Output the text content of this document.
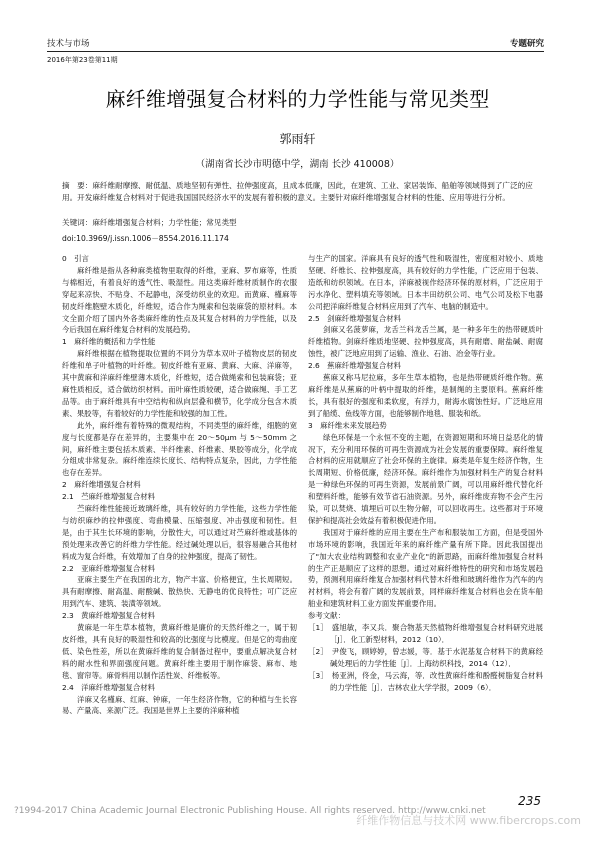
技术与市场	专题研究
2016年第23卷第11期
麻纤维增强复合材料的力学性能与常见类型
郭雨轩
（湖南省长沙市明德中学，湖南 长沙 410008）
摘　要：麻纤维耐摩擦、耐低温、质地坚韧有弹性、拉伸强度高，且成本低廉，因此，在建筑、工业、家居装饰、船舶等领域得到了广泛的应用。开发麻纤维复合材料对于促进我国国民经济水平的发展有着积极的意义。主要针对麻纤维增强复合材料的性能、应用等进行分析。
关键词：麻纤维增强复合材料；力学性能；常见类型
doi:10.3969/j.issn.1006－8554.2016.11.174
0　引言
麻纤维是指从各种麻类植物里取得的纤维，亚麻、罗布麻等，性质与棉相近，有着良好的透气性、吸湿性。用这类麻纤维材质制作的衣服穿起来凉快、不贴身、不起静电，深受纺织业的欢迎。而黄麻、槿麻等韧皮纤维胞壁木质化，纤维短，适合作为绳索和包装麻袋的原材料。本文全面介绍了国内外各类麻纤维的性点及其复合材料的力学性能，以及今后我国在麻纤维复合材料的发展趋势。
1　麻纤维的概括和力学性能
麻纤维根据在植物提取位置的不同分为草本双叶子植物皮层的韧皮纤维和单子叶植物的叶纤维。韧皮纤维有亚麻、黄麻、大麻、洋麻等，其中黄麻和洋麻纤维壁薄木质化，纤维短，适合做绳索和包装麻袋；亚麻性质相反，适合做纺织材料。而叶麻性质较硬，适合做麻绳、手工艺品等。由于麻纤维具有中空结构和纵向层叠和横节，化学成分包含木质素、果胶等，有着较好的力学性能和较强的加工性。
此外，麻纤维有着特殊的微观结构，不同类型的麻纤维，细胞的宽度与长度都是存在差异的，主要集中在 20～50μm 与 5～50mm 之间，麻纤维主要包括木质素、半纤维素、纤维素、果胶等成分，化学成分组成非常复杂。麻纤维连续长度长、结构特点复杂，因此，力学性能也存在差异。
2　麻纤维增强复合材料
2.1　苎麻纤维增强复合材料
苎麻纤维性能接近玻璃纤维，具有较好的力学性能，这些力学性能与纺织麻纱的拉伸强度、弯曲模量、压缩强度、冲击强度和韧性。但是，由于其生长环境的影响，分散性大，可以通过对苎麻纤维或基体的预处理来改善它的纤维力学性能。经过碱处理以后，很容易融合其他材料成为复合纤维，有效增加了自身的拉伸强度，提高了韧性。
2.2　亚麻纤维增强复合材料
亚麻主要生产在我国的北方，物产丰富、价格便宜，生长周期短。具有耐摩擦、耐高温、耐酸碱、散热快、无静电的优良特性；可广泛应用到汽车、建筑、装潢等领域。
2.3　黄麻纤维增强复合材料
黄麻是一年生草本植物，黄麻纤维是廉价的天然纤维之一，属于韧皮纤维，具有良好的吸湿性和较高的比强度与比模度。但是它的弯曲度低、染色性差，所以在黄麻纤维的复合制备过程中，要重点解决复合材料的耐水性和界面强度问题。黄麻纤维主要用于制作麻袋、麻布、地毯、窗帘等。麻骨料用以制作活性炭、纤维板等。
2.4　洋麻纤维增强复合材料
洋麻又名槿麻、红麻、钟麻，一年生经济作物，它的种植与生长容易、产量高、来源广泛。我国是世界上主要的洋麻种植
与生产的国家。洋麻具有良好的透气性和吸湿性，密度相对较小、质地坚硬、纤维长、拉伸强度高，具有较好的力学性能，广泛应用于包装、造纸和纺织领域。在日本，洋麻被视作经济环保的原材料，广泛应用于污水净化、塑料填充等领域。日本丰田纺织公司、电气公司及松下电器公司把洋麻纤维复合材料应用到了汽车、电脑的制造中。
2.5　剑麻纤维增强复合材料
剑麻又名菠萝麻，龙舌兰科龙舌兰属，是一种多年生的热带硬质叶纤维植物。剑麻纤维质地坚硬、拉伸强度高，具有耐磨、耐盐碱、耐腐蚀性，被广泛地应用到了运输、渔业、石油、冶金等行业。
2.6　蕉麻纤维增强复合材料
蕉麻又称马尼拉麻，多年生草本植物，也是热带硬质纤维作物。蕉麻纤维是从蕉麻的叶柄中提取的纤维，是制绳的主要原料。蕉麻纤维长，具有很好的强度和柔软度，有浮力，耐海水腐蚀性好。广泛地应用到了船缆、鱼线等方面，也能够制作地毯、服装和纸。
3　麻纤维未来发展趋势
绿色环保是一个永恒不变的主题，在资源短期和环境日益恶化的情况下，充分利用环保的可再生资源成为社会发展的重要保障。麻纤维复合材料的应用就顺应了社会环保的主旋律。麻类是年复生经济作物，生长周期短、价格低廉，经济环保。麻纤维作为加强材料生产的复合材料是一种绿色环保的可再生资源，发展前景广阔，可以用麻纤维代替化纤和塑料纤维，能够有效节省石油资源。另外，麻纤维废弃物不会产生污染，可以焚烧、填埋后可以生物分解，可以回收再生。这些都对于环境保护和提高社会效益有着积极促进作用。
我国对于麻纤维的应用主要在生产布和服装加工方面，但是受国外市场环境的影响，我国近年来的麻纤维产量有所下降。因此我国提出了"加大农业结构调整和农业产业化"的新思路，而麻纤维加强复合材料的生产正是顺应了这样的思想。通过对麻纤维特性的研究和市场发展趋势，预测利用麻纤维复合加强材料代替木纤维和玻璃纤维作为汽车的内衬材料，将会有着广阔的发展前景，同样麻纤维复合材料也会在货车船舶业和建筑材料工业方面发挥重要作用。
参考文献：
［1］　盛旭敏，李又兵．聚合物基天然植物纤维增强复合材料研究进展［J］．化工新型材料，2012（10）．
［2］　尹俊飞，顾婷婷，曾志媛，等．基于水泥基复合材料下的黄麻经碱处理后的力学性能［J］．上海纺织科技，2014（12）．
［3］　杨亚洲，佟金，马云海，等．改性黄麻纤维和酚醛树脂复合材料的力学性能［J］．吉林农业大学学报，2009（6）．
235
?1994-2017 China Academic Journal Electronic Publishing House. All rights reserved. http://www.cnki.net
纤维作物信息与技术网 www.fibercrops.com
